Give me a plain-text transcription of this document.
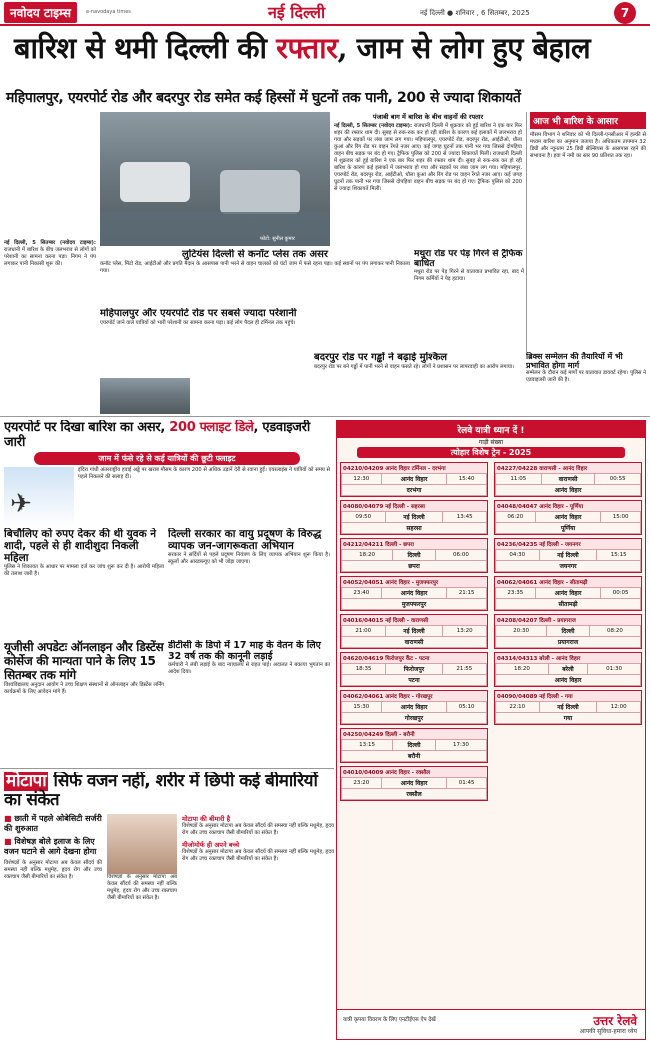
नवोदय टाइम्स	e-navodaya times	नई दिल्ली	नई दिल्ली ● शनिवार , 6 सितम्बर, 2025	7
बारिश से थमी दिल्ली की रफ्तार, जाम से लोग हुए बेहाल
महिपालपुर, एयरपोर्ट रोड और बदरपुर रोड समेत कई हिस्सों में घुटनों तक पानी, 200 से ज्यादा शिकायतें
नई दिल्ली, 5 सितम्बर (नवोदय टाइम्स): राजधानी में बारिश के बीच जलभराव से लोगों को परेशानी का सामना करना पड़ा। निगम ने पंप लगाकर पानी निकासी शुरू की।
फोटो: सुनील कुमार
पंजाबी बाग में बारिश के बीच वाहनों की रफ्तार
नई दिल्ली, 5 सितम्बर (नवोदय टाइम्स): राजधानी दिल्ली में शुक्रवार को हुई बारिश ने एक बार फिर शहर की रफ्तार थाम दी। सुबह से रुक-रुक कर हो रही बारिश के कारण कई इलाकों में जलभराव हो गया और सड़कों पर लंबा जाम लग गया। महिपालपुर, एयरपोर्ट रोड, बदरपुर रोड, आईटीओ, धौला कुआं और रिंग रोड पर वाहन रेंगते नजर आए। कई जगह घुटनों तक पानी भर गया जिससे दोपहिया वाहन बीच सड़क पर बंद हो गए। ट्रैफिक पुलिस को 200 से ज्यादा शिकायतें मिलीं। राजधानी दिल्ली में शुक्रवार को हुई बारिश ने एक बार फिर शहर की रफ्तार थाम दी। सुबह से रुक-रुक कर हो रही बारिश के कारण कई इलाकों में जलभराव हो गया और सड़कों पर लंबा जाम लग गया। महिपालपुर, एयरपोर्ट रोड, बदरपुर रोड, आईटीओ, धौला कुआं और रिंग रोड पर वाहन रेंगते नजर आए। कई जगह घुटनों तक पानी भर गया जिससे दोपहिया वाहन बीच सड़क पर बंद हो गए। ट्रैफिक पुलिस को 200 से ज्यादा शिकायतें मिलीं।
आज भी बारिश के आसार
मौसम विभाग ने शनिवार को भी दिल्ली-एनसीआर में हल्की से मध्यम बारिश का अनुमान जताया है। अधिकतम तापमान 32 डिग्री और न्यूनतम 25 डिग्री सेल्सियस के आसपास रहने की संभावना है। हवा में नमी का स्तर 90 प्रतिशत तक रहा।
लुटियंस दिल्ली से कनॉट प्लेस तक असर
कनॉट प्लेस, मिंटो रोड, आईटीओ और प्रगति मैदान के आसपास पानी भरने से वाहन चालकों को घंटों जाम में फंसे रहना पड़ा। कई स्थानों पर पंप लगाकर पानी निकाला गया।
मथुरा रोड पर पेड़ गिरने से ट्रैफिक बाधित
मथुरा रोड पर पेड़ गिरने से यातायात प्रभावित रहा, बाद में निगम कर्मियों ने पेड़ हटाया।
महिपालपुर और एयरपोर्ट रोड पर सबसे ज्यादा परेशानी
एयरपोर्ट जाने वाले यात्रियों को भारी परेशानी का सामना करना पड़ा। कई लोग पैदल ही टर्मिनल तक पहुंचे।
बदरपुर रोड पर गड्ढों ने बढ़ाई मुश्किल
बदरपुर रोड पर बने गड्ढों में पानी भरने से वाहन फंसते रहे। लोगों ने प्रशासन पर लापरवाही का आरोप लगाया।
ब्रिक्स सम्मेलन की तैयारियों में भी प्रभावित होगा मार्ग
सम्मेलन के दौरान कई मार्गों पर यातायात डायवर्ट रहेगा। पुलिस ने एडवाइजरी जारी की है।
एयरपोर्ट पर दिखा बारिश का असर, 200 फ्लाइट डिले, एडवाइजरी जारी
जाम में फंसे रहे से कई यात्रियों की छूटी फ्लाइट
✈
इंदिरा गांधी अंतरराष्ट्रीय हवाई अड्डे पर खराब मौसम के कारण 200 से अधिक उड़ानें देरी से रवाना हुईं। एयरलाइंस ने यात्रियों को समय से पहले निकलने की सलाह दी।
बिचौलिए को रुपए देकर की थी युवक ने शादी, पहले से ही शादीशुदा निकली महिला
पुलिस ने शिकायत के आधार पर मामला दर्ज कर जांच शुरू कर दी है। आरोपी महिला की तलाश जारी है।
दिल्ली सरकार का वायु प्रदूषण के विरुद्ध व्यापक जन-जागरूकता अभियान
सरकार ने सर्दियों से पहले प्रदूषण नियंत्रण के लिए व्यापक अभियान शुरू किया है। स्कूलों और आरडब्ल्यूए को भी जोड़ा जाएगा।
यूजीसी अपडेटः ऑनलाइन और डिस्टेंस कोर्सेज की मान्यता पाने के लिए 15 सितम्बर तक मांगे
विश्वविद्यालय अनुदान आयोग ने उच्च शिक्षण संस्थानों से ऑनलाइन और डिस्टेंस लर्निंग कार्यक्रमों के लिए आवेदन मांगे हैं।
डीटीसी के डिपो में 17 माह के वेतन के लिए 32 वर्ष तक की कानूनी लड़ाई
कर्मचारी ने लंबी लड़ाई के बाद न्यायालय से राहत पाई। अदालत ने बकाया भुगतान का आदेश दिया।
मोटापा सिर्फ वजन नहीं, शरीर में छिपी कई बीमारियों का संकेत
■ छाती में पहले ओबेसिटी सर्जरी की शुरुआत
■ विशेषज्ञ बोले इलाज के लिए वजन घटाने से आगे देखना होगा
विशेषज्ञों के अनुसार मोटापा अब केवल सौंदर्य की समस्या नहीं बल्कि मधुमेह, हृदय रोग और उच्च रक्तचाप जैसी बीमारियों का संकेत है।	विशेषज्ञों के अनुसार मोटापा अब केवल सौंदर्य की समस्या नहीं बल्कि मधुमेह, हृदय रोग और उच्च रक्तचाप जैसी बीमारियों का संकेत है।
मोटापा की बीमारी है
विशेषज्ञों के अनुसार मोटापा अब केवल सौंदर्य की समस्या नहीं बल्कि मधुमेह, हृदय रोग और उच्च रक्तचाप जैसी बीमारियों का संकेत है।
मीजोमोर्फ ही अपने बच्चे
विशेषज्ञों के अनुसार मोटापा अब केवल सौंदर्य की समस्या नहीं बल्कि मधुमेह, हृदय रोग और उच्च रक्तचाप जैसी बीमारियों का संकेत है।
रेलवे यात्री ध्यान दें !
गाड़ी संख्या
त्योहार विशेष ट्रेन - 2025
04210/04209 आनंद विहार टर्मिनल - दरभंगा
12:30	आनंद विहार	15:40
दरभंगा
04080/04079 नई दिल्ली - सहरसा
09:50	नई दिल्ली	13:45
सहरसा
04212/04211 दिल्ली - छपरा
18:20	दिल्ली	06:00
छपरा
04052/04051 आनंद विहार - मुजफ्फरपुर
23:40	आनंद विहार	21:15
मुजफ्फरपुर
04016/04015 नई दिल्ली - वाराणसी
21:00	नई दिल्ली	13:20
वाराणसी
04620/04619 फिरोजपुर कैंट - पटना
18:35	फिरोजपुर	21:55
पटना
04062/04061 आनंद विहार - गोरखपुर
15:30	आनंद विहार	05:10
गोरखपुर
04250/04249 दिल्ली - बरौनी
13:15	दिल्ली	17:30
बरौनी
04010/04009 आनंद विहार - रक्सौल
23:20	आनंद विहार	01:45
रक्सौल
04227/04228 वाराणसी - आनंद विहार
11:05	वाराणसी	00:55
आनंद विहार
04048/04047 आनंद विहार - पूर्णिया
06:20	आनंद विहार	15:00
पूर्णिया
04236/04235 नई दिल्ली - जयनगर
04:30	नई दिल्ली	15:15
जयनगर
04062/04061 आनंद विहार - सीतामढ़ी
23:35	आनंद विहार	00:05
सीतामढ़ी
04208/04207 दिल्ली - प्रयागराज
20:30	दिल्ली	08:20
प्रयागराज
04314/04313 बरेली - आनंद विहार
18:20	बरेली	01:30
आनंद विहार
04090/04089 नई दिल्ली - गया
22:10	नई दिल्ली	12:00
गया
यात्री कृपया विवरण के लिए एनटीईएस ऐप देखें	उत्तर रेलवे
आपकी सुविधा-हमारा ध्येय
